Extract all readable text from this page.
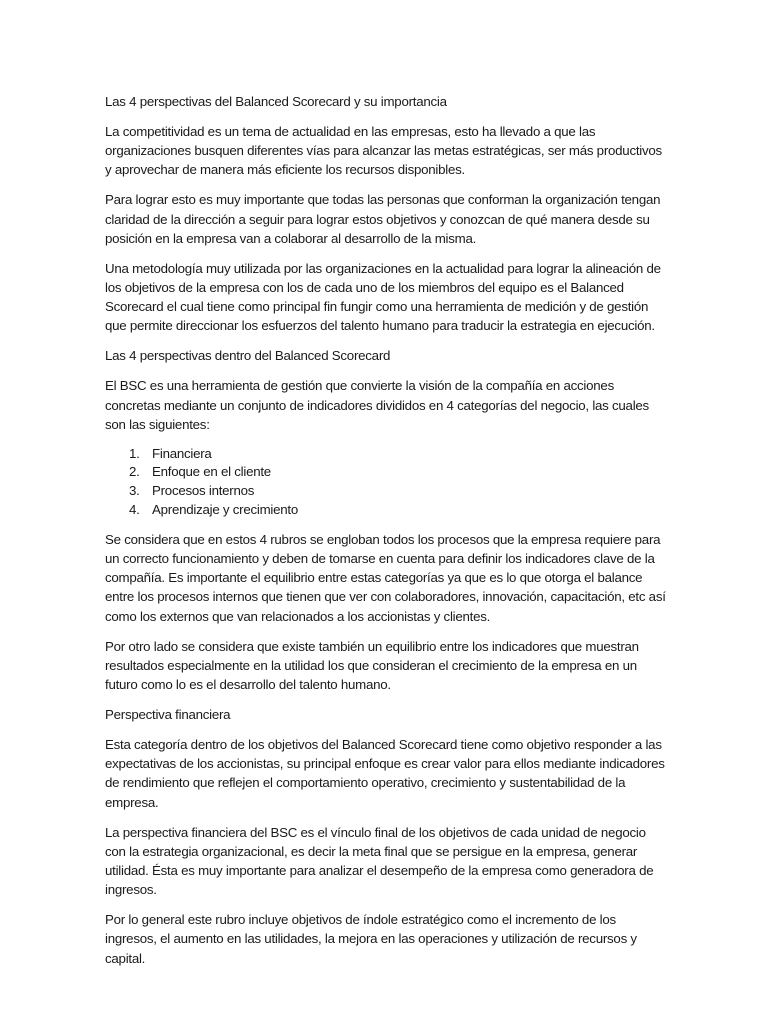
Las 4 perspectivas del Balanced Scorecard y su importancia

La competitividad es un tema de actualidad en las empresas, esto ha llevado a que las organizaciones busquen diferentes vías para alcanzar las metas estratégicas, ser más productivos y aprovechar de manera más eficiente los recursos disponibles.

Para lograr esto es muy importante que todas las personas que conforman la organización tengan claridad de la dirección a seguir para lograr estos objetivos y conozcan de qué manera desde su posición en la empresa van a colaborar al desarrollo de la misma.

Una metodología muy utilizada por las organizaciones en la actualidad para lograr la alineación de los objetivos de la empresa con los de cada uno de los miembros del equipo es el Balanced Scorecard el cual tiene como principal fin fungir como una herramienta de medición y de gestión que permite direccionar los esfuerzos del talento humano para traducir la estrategia en ejecución.

Las 4 perspectivas dentro del Balanced Scorecard

El BSC es una herramienta de gestión que convierte la visión de la compañía en acciones concretas mediante un conjunto de indicadores divididos en 4 categorías del negocio, las cuales son las siguientes:

1. Financiera
2. Enfoque en el cliente
3. Procesos internos
4. Aprendizaje y crecimiento

Se considera que en estos 4 rubros se engloban todos los procesos que la empresa requiere para un correcto funcionamiento y deben de tomarse en cuenta para definir los indicadores clave de la compañía. Es importante el equilibrio entre estas categorías ya que es lo que otorga el balance entre los procesos internos que tienen que ver con colaboradores, innovación, capacitación, etc así como los externos que van relacionados a los accionistas y clientes.

Por otro lado se considera que existe también un equilibrio entre los indicadores que muestran resultados especialmente en la utilidad los que consideran el crecimiento de la empresa en un futuro como lo es el desarrollo del talento humano.

Perspectiva financiera

Esta categoría dentro de los objetivos del Balanced Scorecard tiene como objetivo responder a las expectativas de los accionistas, su principal enfoque es crear valor para ellos mediante indicadores de rendimiento que reflejen el comportamiento operativo, crecimiento y sustentabilidad de la empresa.

La perspectiva financiera del BSC es el vínculo final de los objetivos de cada unidad de negocio con la estrategia organizacional, es decir la meta final que se persigue en la empresa, generar utilidad. Ésta es muy importante para analizar el desempeño de la empresa como generadora de ingresos.

Por lo general este rubro incluye objetivos de índole estratégico como el incremento de los ingresos, el aumento en las utilidades, la mejora en las operaciones y utilización de recursos y capital.
